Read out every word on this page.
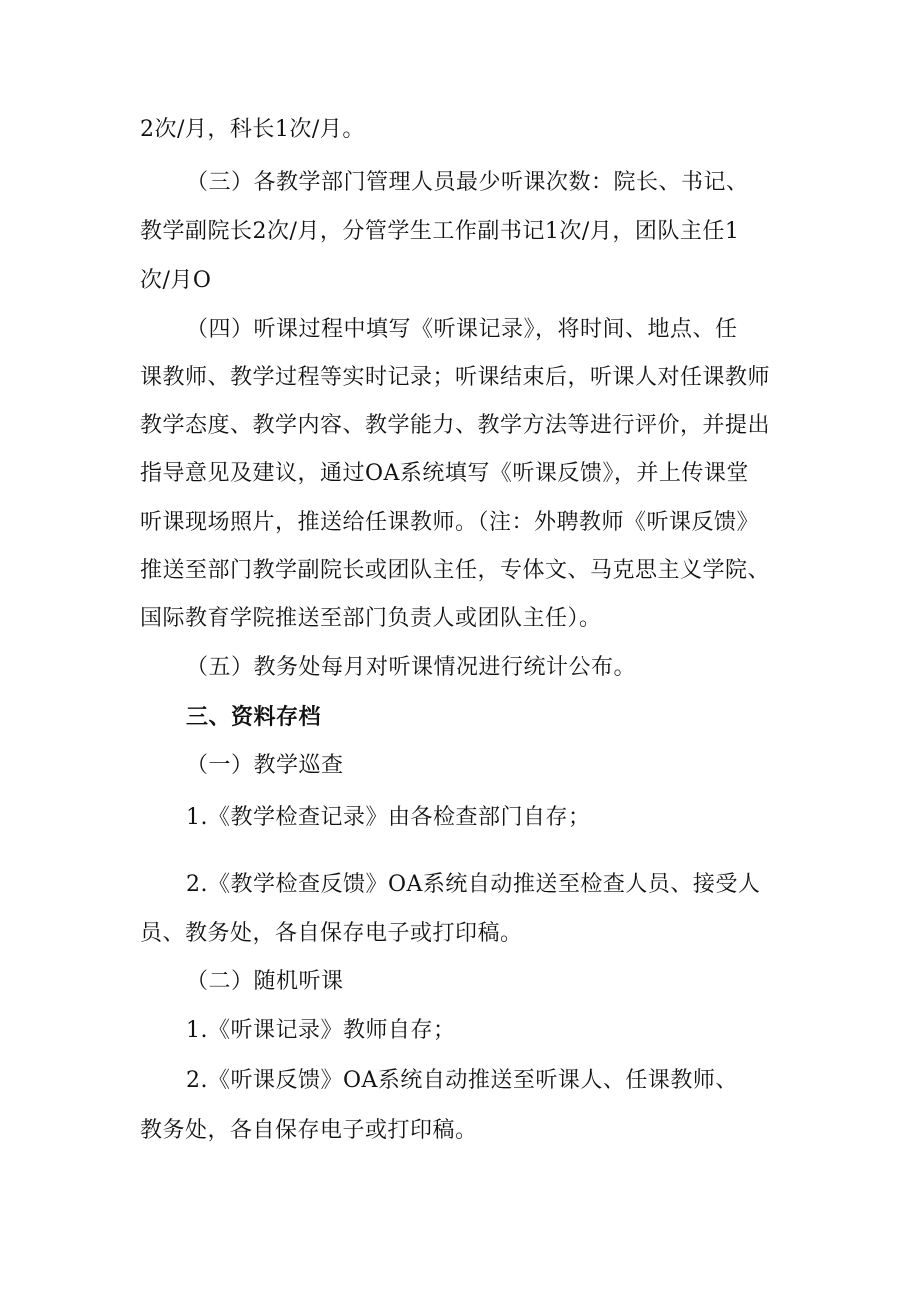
2次/月，科长1次/月。
（三）各教学部门管理人员最少听课次数：院长、书记、
教学副院长2次/月，分管学生工作副书记1次/月，团队主任1
次/月O
（四）听课过程中填写《听课记录》，将时间、地点、任
课教师、教学过程等实时记录；听课结束后，听课人对任课教师
教学态度、教学内容、教学能力、教学方法等进行评价，并提出
指导意见及建议，通过OA系统填写《听课反馈》，并上传课堂
听课现场照片，推送给任课教师。（注：外聘教师《听课反馈》
推送至部门教学副院长或团队主任，专体文、马克思主义学院、
国际教育学院推送至部门负责人或团队主任）。
（五）教务处每月对听课情况进行统计公布。
三、资料存档
（一）教学巡查
1.《教学检查记录》由各检查部门自存；
2.《教学检查反馈》OA系统自动推送至检查人员、接受人
员、教务处，各自保存电子或打印稿。
（二）随机听课
1.《听课记录》教师自存；
2.《听课反馈》OA系统自动推送至听课人、任课教师、
教务处，各自保存电子或打印稿。
